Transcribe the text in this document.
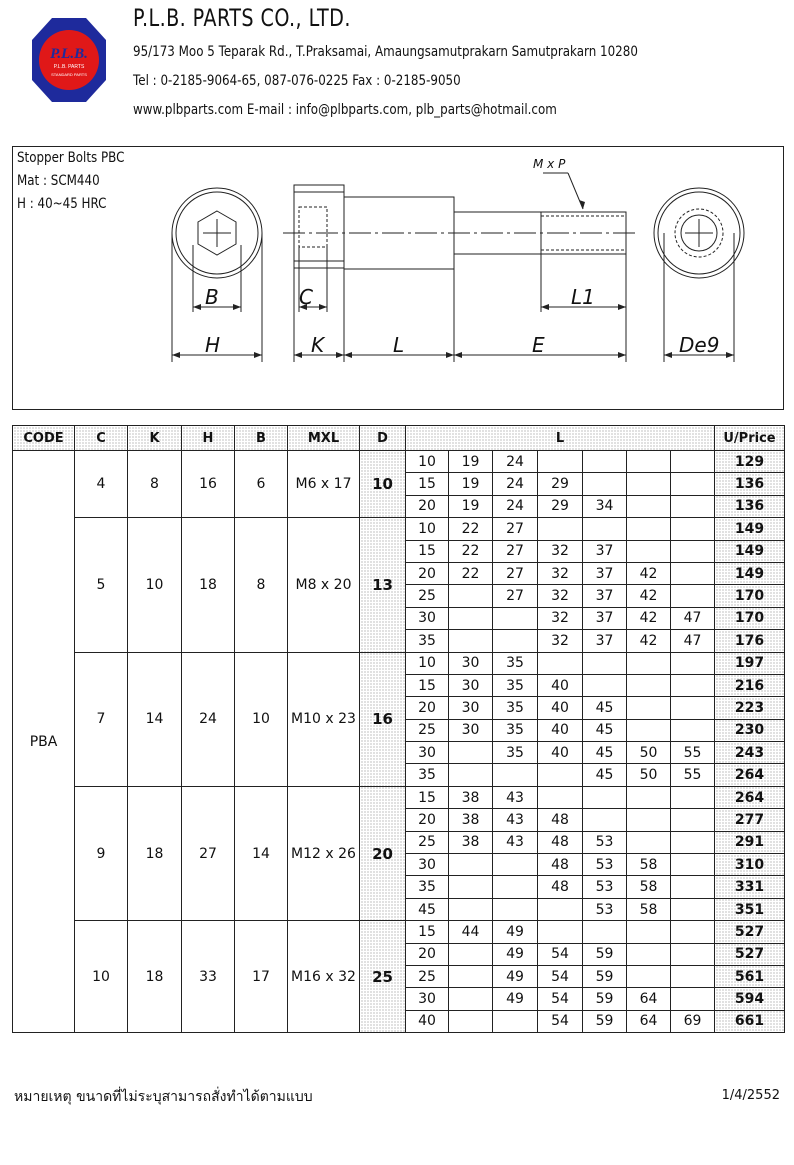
P.L.B.
P.L.B. PARTS
STANDARD PARTS
P.L.B. PARTS CO., LTD.
95/173 Moo 5 Teparak Rd., T.Praksamai, Amaungsamutprakarn Samutprakarn 10280
Tel : 0-2185-9064-65, 087-076-0225 Fax : 0-2185-9050
www.plbparts.com E-mail : info@plbparts.com, plb_parts@hotmail.com
Stopper Bolts PBC
Mat : SCM440
H : 40~45 HRC
B
H
C
K	L	E
L1
De9
M x P
CODE	C	K	H	B	MXL	D	L							U/Price
PBA	4	8	16	6	M6 x 17	10	10	19	24					129
							15	19	24	29				136
							20	19	24	29	34			136
	5	10	18	8	M8 x 20	13	10	22	27					149
							15	22	27	32	37			149
							20	22	27	32	37	42		149
							25		27	32	37	42		170
							30			32	37	42	47	170
							35			32	37	42	47	176
	7	14	24	10	M10 x 23	16	10	30	35					197
							15	30	35	40				216
							20	30	35	40	45			223
							25	30	35	40	45			230
							30		35	40	45	50	55	243
							35				45	50	55	264
	9	18	27	14	M12 x 26	20	15	38	43					264
							20	38	43	48				277
							25	38	43	48	53			291
							30			48	53	58		310
							35			48	53	58		331
							45				53	58		351
	10	18	33	17	M16 x 32	25	15	44	49					527
							20		49	54	59			527
							25		49	54	59			561
							30		49	54	59	64		594
							40			54	59	64	69	661
หมายเหตุ ขนาดที่ไม่ระบุสามารถสั่งทำได้ตามแบบ	1/4/2552
